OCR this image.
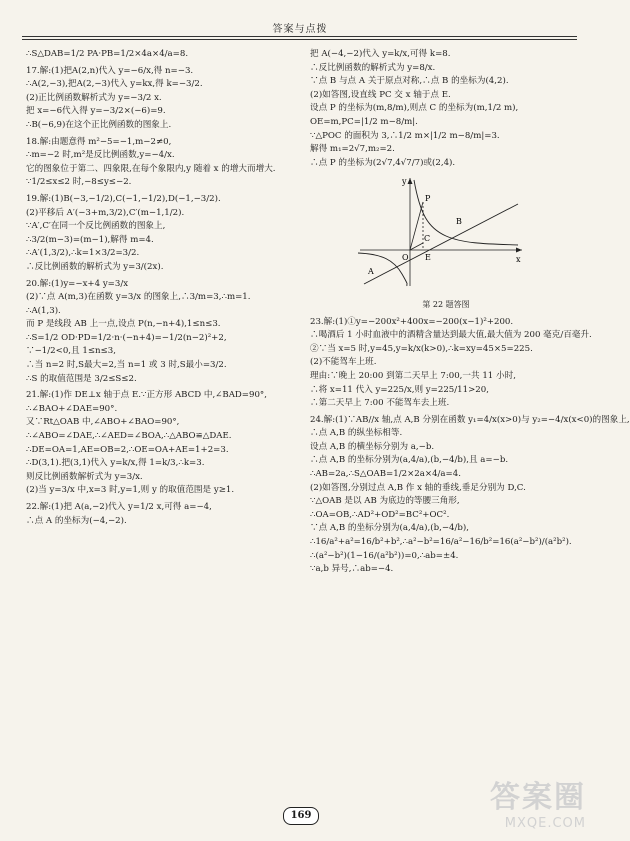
答案与点拨
∴S△DAB=1/2 PA·PB=1/2×4a×4/a=8.
17.解:(1)把A(2,n)代入 y=−6/x,得 n=−3.
∴A(2,−3),把A(2,−3)代入 y=kx,得 k=−3/2.
(2)正比例函数解析式为 y=−3/2 x.
把 x=−6代入得 y=−3/2×(−6)=9.
∴B(−6,9)在这个正比例函数的图象上.
18.解:由题意得 m²−5=−1,m−2≠0,
∴m=−2 时,m²是反比例函数,y=−4/x.
它的图象位于第二、四象限,在每个象限内,y 随着 x 的增大而增大.
∵1/2≤x≤2 时,−8≤y≤−2.
19.解:(1)B(−3,−1/2),C(−1,−1/2),D(−1,−3/2).
(2)平移后 A′(−3+m,3/2),C′(m−1,1/2).
∵A′,C′在同一个反比例函数的图象上,
∴3/2(m−3)=(m−1),解得 m=4.
∴A′(1,3/2),∴k=1×3/2=3/2.
∴反比例函数的解析式为 y=3/(2x).
20.解:(1)y=−x+4 y=3/x
(2)∵点 A(m,3)在函数 y=3/x 的图象上,∴3/m=3,∴m=1.
∴A(1,3).
而 P 是线段 AB 上一点,设点 P(n,−n+4),1≤n≤3.
∴S=1/2 OD·PD=1/2·n·(−n+4)=−1/2(n−2)²+2,
∵−1/2<0,且 1≤n≤3,
∴当 n=2 时,S最大=2,当 n=1 或 3 时,S最小=3/2.
∴S 的取值范围是 3/2≤S≤2.
21.解:(1)作 DE⊥x 轴于点 E.∵正方形 ABCD 中,∠BAD=90°,
∴∠BAO+∠DAE=90°.
又∵Rt△OAB 中,∠ABO+∠BAO=90°,
∴∠ABO=∠DAE,∴∠AED=∠BOA,∴△ABO≌△DAE.
∴DE=OA=1,AE=OB=2,∴OE=OA+AE=1+2=3.
∴D(3,1).把(3,1)代入 y=k/x,得 1=k/3,∴k=3.
则反比例函数解析式为 y=3/x.
(2)当 y=3/x 中,x=3 时,y=1,则 y 的取值范围是 y≥1.
22.解:(1)把 A(a,−2)代入 y=1/2 x,可得 a=−4,
∴点 A 的坐标为(−4,−2).
把 A(−4,−2)代入 y=k/x,可得 k=8.
∴反比例函数的解析式为 y=8/x.
∵点 B 与点 A 关于原点对称,∴点 B 的坐标为(4,2).
(2)如答图,设直线 PC 交 x 轴于点 E.
设点 P 的坐标为(m,8/m),则点 C 的坐标为(m,1/2 m),
OE=m,PC=|1/2 m−8/m|.
∵△POC 的面积为 3,∴1/2 m×|1/2 m−8/m|=3.
解得 m₁=2√7,m₂=2.
∴点 P 的坐标为(2√7,4√7/7)或(2,4).
y
x
P
B
C
O E
A
第 22 题答图
23.解:(1)①y=−200x²+400x=−200(x−1)²+200.
∴喝酒后 1 小时血液中的酒精含量达到最大值,最大值为 200 毫克/百毫升.
②∵当 x=5 时,y=45,y=k/x(k>0),∴k=xy=45×5=225.
(2)不能驾车上班.
理由:∵晚上 20:00 到第二天早上 7:00,一共 11 小时,
∴将 x=11 代入 y=225/x,则 y=225/11>20,
∴第二天早上 7:00 不能驾车去上班.
24.解:(1)∵AB//x 轴,点 A,B 分别在函数 y₁=4/x(x>0)与 y₂=−4/x(x<0)的图象上,
∴点 A,B 的纵坐标相等.
设点 A,B 的横坐标分别为 a,−b.
∴点 A,B 的坐标分别为(a,4/a),(b,−4/b),且 a=−b.
∴AB=2a,∴S△OAB=1/2×2a×4/a=4.
(2)如答图,分别过点 A,B 作 x 轴的垂线,垂足分别为 D,C.
∵△OAB 是以 AB 为底边的等腰三角形,
∴OA=OB,∴AD²+OD²=BC²+OC².
∵点 A,B 的坐标分别为(a,4/a),(b,−4/b),
∴16/a²+a²=16/b²+b²,∴a²−b²=16/a²−16/b²=16(a²−b²)/(a²b²).
∴(a²−b²)(1−16/(a²b²))=0,∴ab=±4.
∵a,b 异号,∴ab=−4.
169
答案圈
MXQE.COM
